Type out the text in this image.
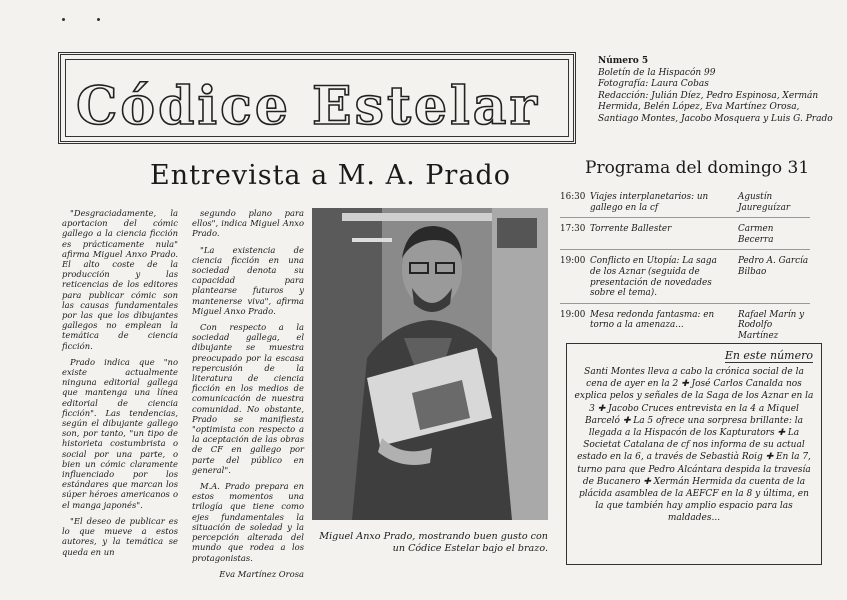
Códice Estelar
Número 5
Boletín de la Hispacón 99
Fotografía: Laura Cobas
Redacción: Julián Díez, Pedro Espinosa, Xermán Hermida, Belén López, Eva Martínez Orosa, Santiago Montes, Jacobo Mosquera y Luis G. Prado
Entrevista a M. A. Prado	Programa del domingo 31

"Desgraciadamente, la aportacion del cómic gallego a la ciencia ficción es prácticamente nula" afirma Miguel Anxo Prado. El alto coste de la producción y las reticencias de los editores para publicar cómic son las causas fundamentales por las que los dibujantes gallegos no emplean la temática de ciencia ficción.

Prado indica que "no existe actualmente ninguna editorial gallega que mantenga una línea editorial de ciencia ficción". Las tendencias, según el dibujante gallego son, por tanto, "un tipo de historieta costumbrista o social por una parte, o bien un cómic claramente influenciado por los estándares que marcan los súper héroes americanos o el manga japonés".

"El deseo de publicar es lo que mueve a estos autores, y la temática se queda en un

segundo plano para ellos", indica Miguel Anxo Prado.

"La existencia de ciencia ficción en una sociedad denota su capacidad para plantearse futuros y mantenerse viva", afirma Miguel Anxo Prado.

Con respecto a la sociedad gallega, el dibujante se muestra preocupado por la escasa repercusión de la literatura de ciencia ficción en los medios de comunicación de nuestra comunidad. No obstante, Prado se manifiesta "optimista con respecto a la aceptación de las obras de CF en gallego por parte del público en general".

M.A. Prado prepara en estos momentos una trilogía que tiene como ejes fundamentales la situación de soledad y la percepción alterada del mundo que rodea a los protagonistas.

Eva Martínez Orosa
Miguel Anxo Prado, mostrando buen gusto con un Códice Estelar bajo el brazo.
16:30 Viajes interplanetarios: un gallego en la cf
Agustín Jaureguízar
17:30 Torrente Ballester	Carmen Becerra
19:00 Conflicto en Utopía: La saga de los Aznar (seguida de presentación de novedades sobre el tema).
Pedro A. García Bilbao
19:00 Mesa redonda fantasma: en torno a la amenaza...
Rafael Marín y Rodolfo Martínez
En este número
Santi Montes lleva a cabo la crónica social de la cena de ayer en la 2 ✚ José Carlos Canalda nos explica pelos y señales de la Saga de los Aznar en la 3 ✚ Jacobo Cruces entrevista en la 4 a Miquel Barceló ✚ La 5 ofrece una sorpresa brillante: la llegada a la Hispacón de los Kapturators ✚ La Societat Catalana de cf nos informa de su actual estado en la 6, a través de Sebastià Roig ✚ En la 7, turno para que Pedro Alcántara despida la travesía de Bucanero ✚ Xermán Hermida da cuenta de la plácida asamblea de la AEFCF en la 8 y última, en la que también hay amplio espacio para las maldades...
